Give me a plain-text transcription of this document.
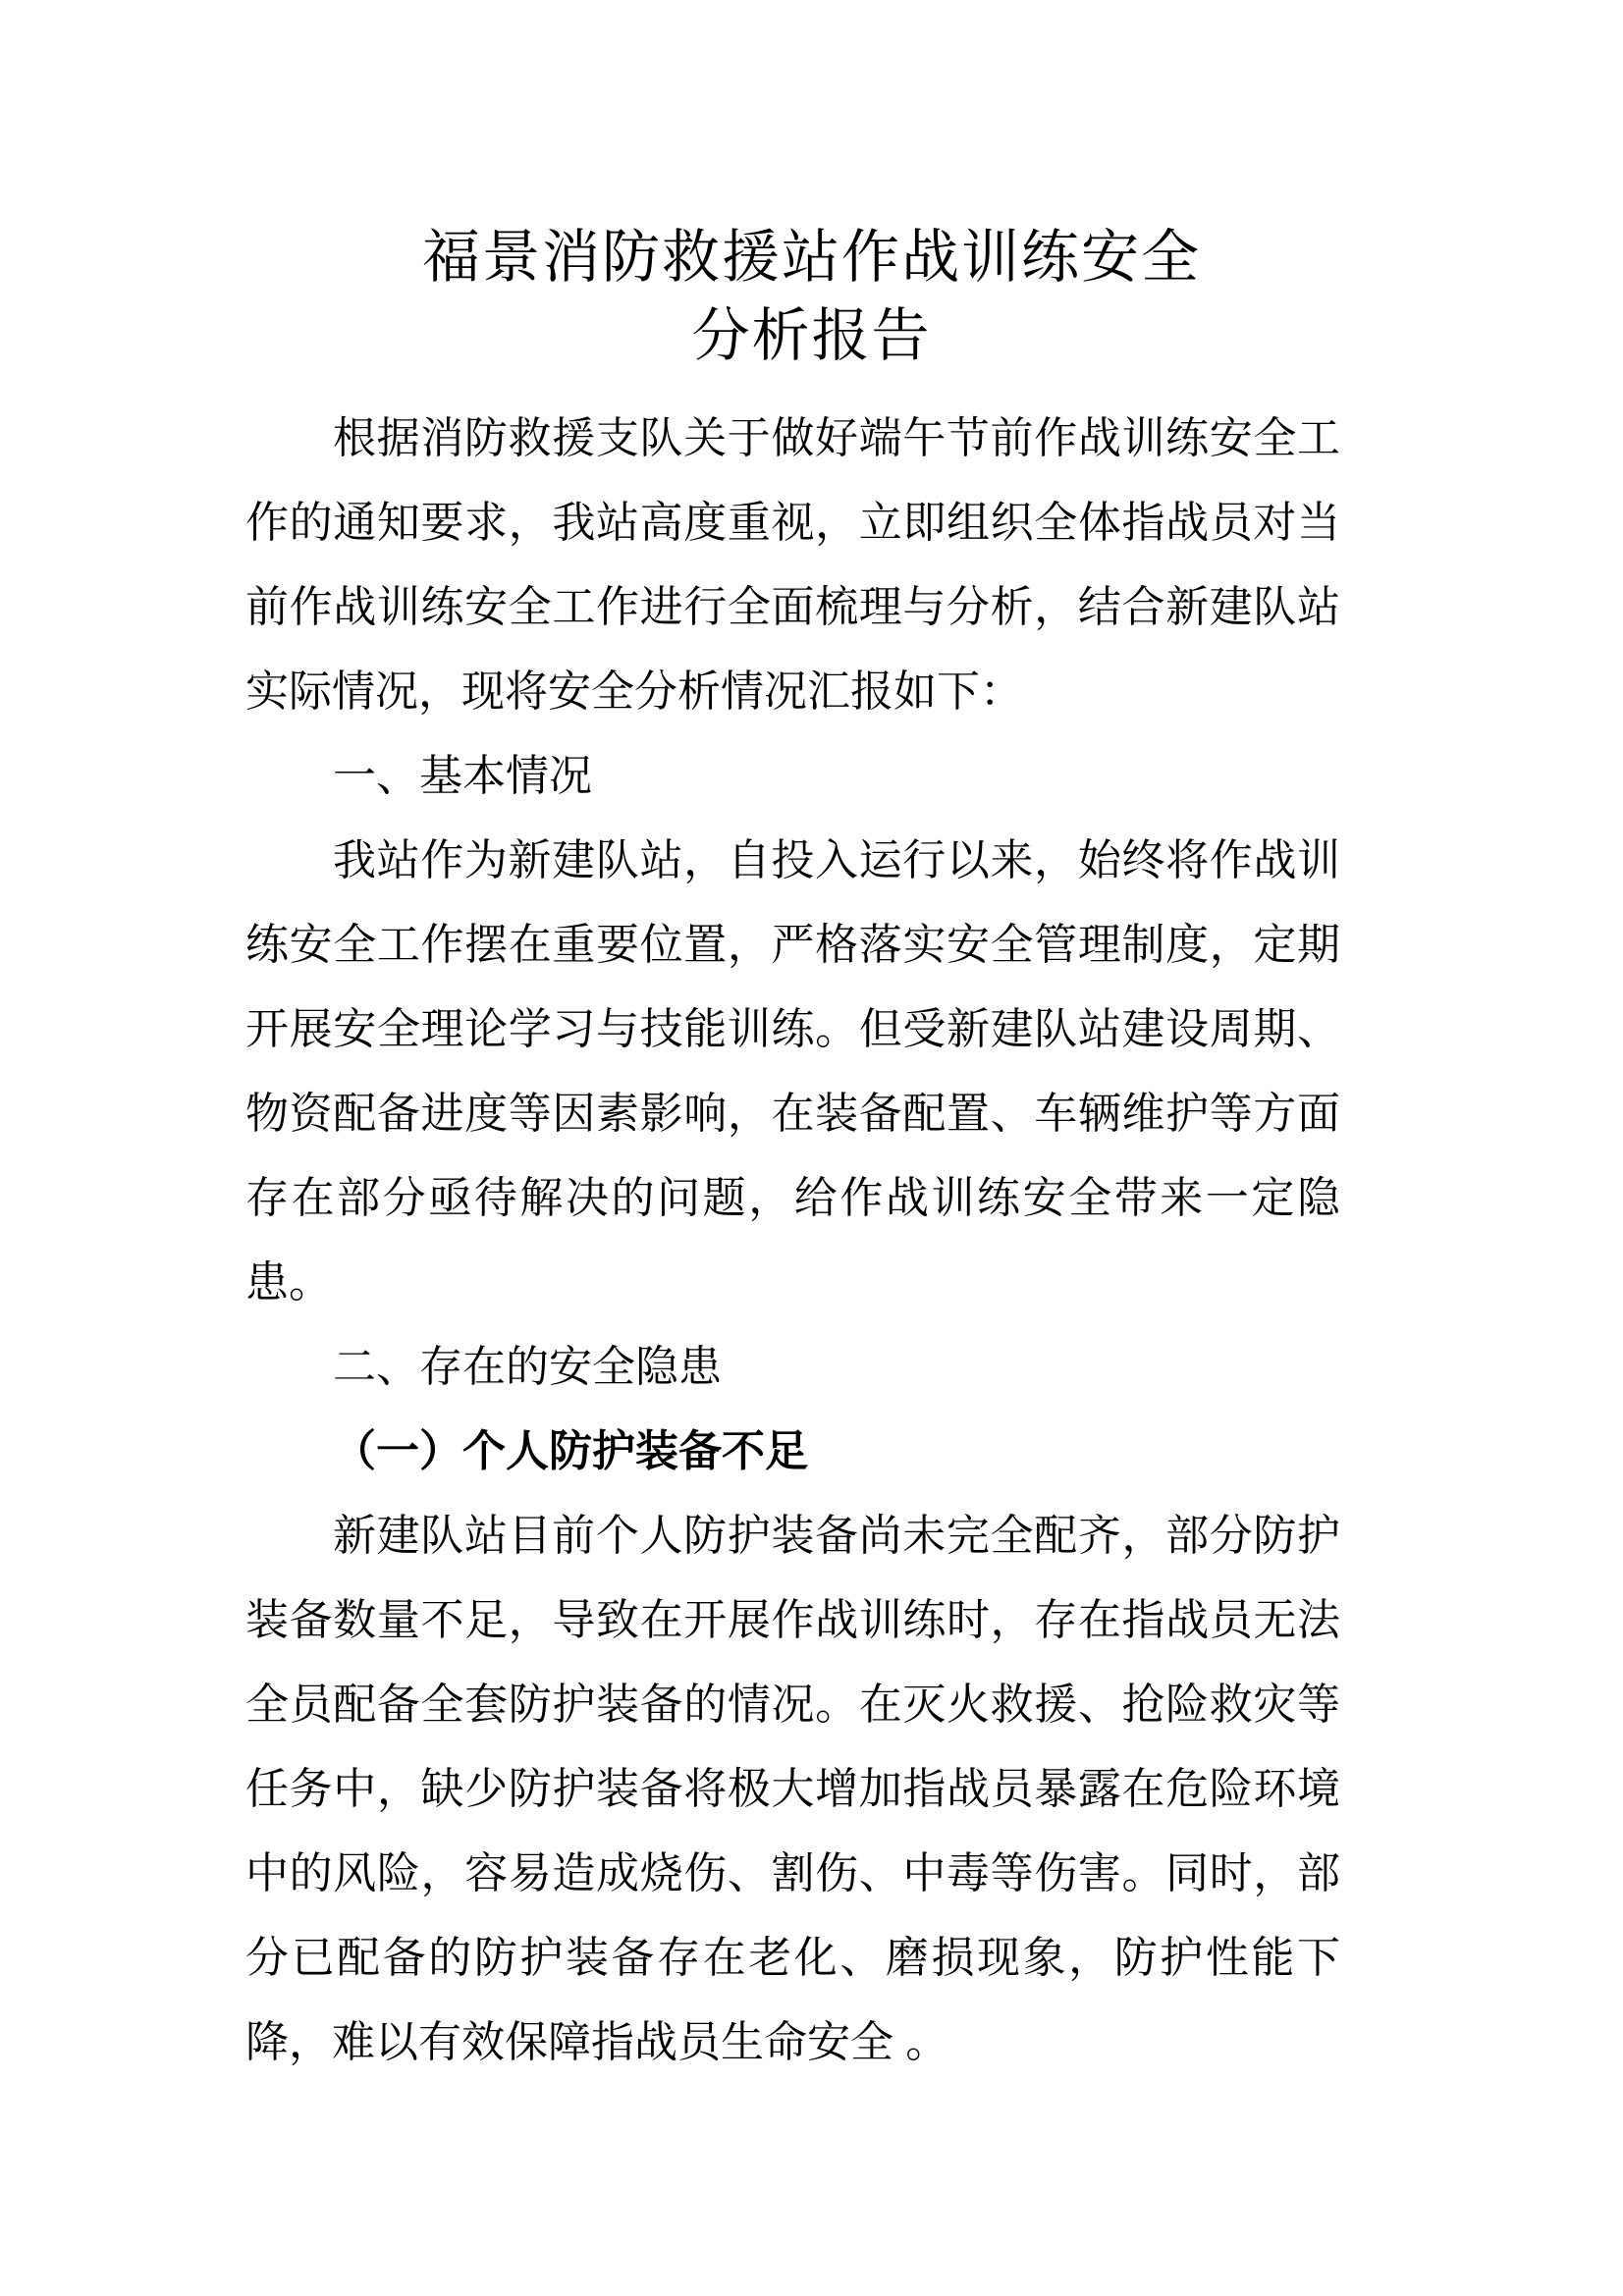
福景消防救援站作战训练安全
分析报告
根据消防救援支队关于做好端午节前作战训练安全工
作的通知要求，我站高度重视，立即组织全体指战员对当
前作战训练安全工作进行全面梳理与分析，结合新建队站
实际情况，现将安全分析情况汇报如下：
一、基本情况
我站作为新建队站，自投入运行以来，始终将作战训
练安全工作摆在重要位置，严格落实安全管理制度，定期
开展安全理论学习与技能训练。但受新建队站建设周期、
物资配备进度等因素影响，在装备配置、车辆维护等方面
存在部分亟待解决的问题，给作战训练安全带来一定隐
患。
二、存在的安全隐患
（一）个人防护装备不足
新建队站目前个人防护装备尚未完全配齐，部分防护
装备数量不足，导致在开展作战训练时，存在指战员无法
全员配备全套防护装备的情况。在灭火救援、抢险救灾等
任务中，缺少防护装备将极大增加指战员暴露在危险环境
中的风险，容易造成烧伤、割伤、中毒等伤害。同时，部
分已配备的防护装备存在老化、磨损现象，防护性能下
降，难以有效保障指战员生命安全 。
